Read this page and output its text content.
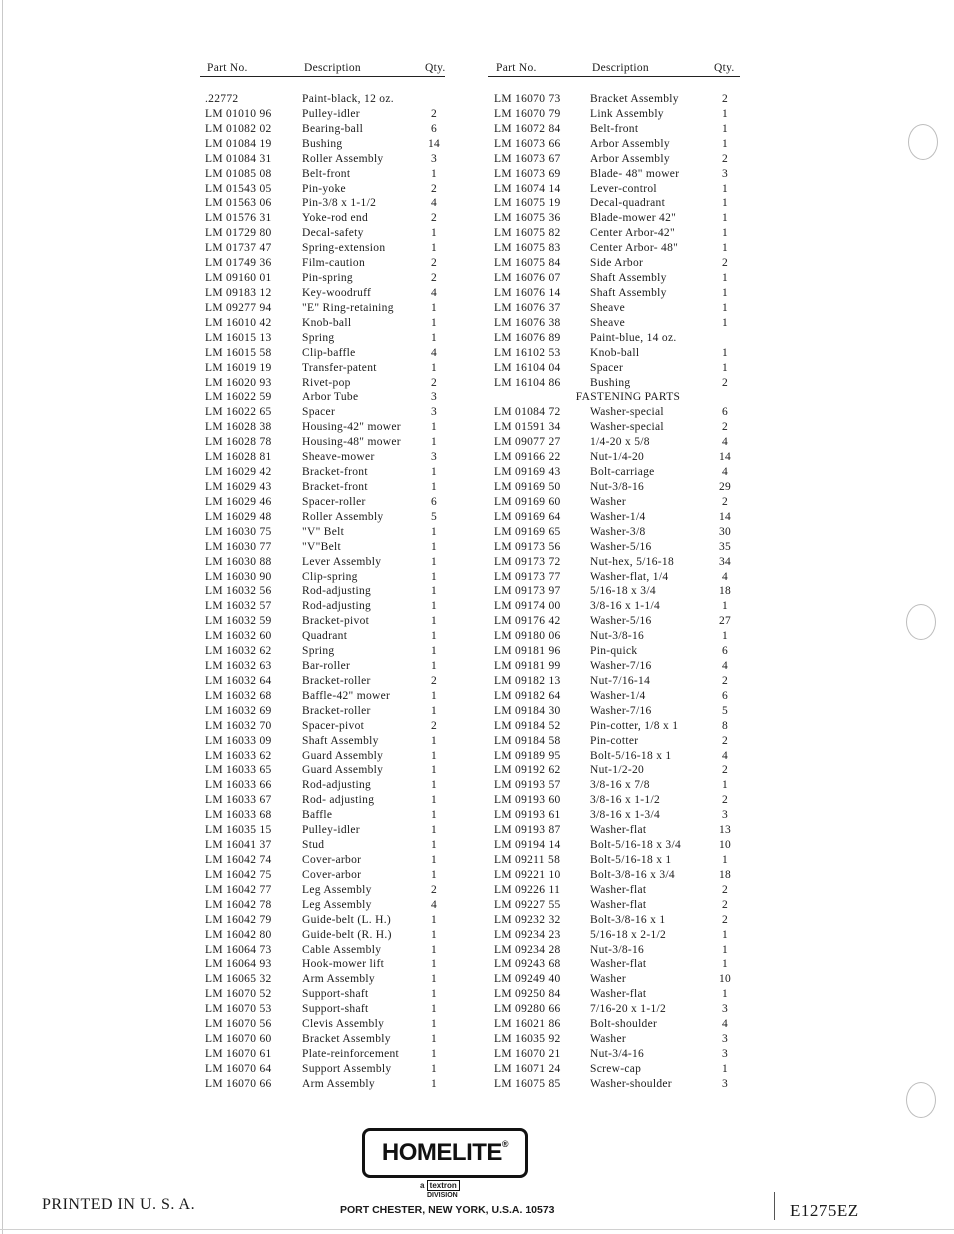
Part No.	Description	Qty.
.22772	Paint-black, 12 oz.
LM 01010 96	Pulley-idler	2
LM 01082 02	Bearing-ball	6
LM 01084 19	Bushing	14
LM 01084 31	Roller Assembly	3
LM 01085 08	Belt-front	1
LM 01543 05	Pin-yoke	2
LM 01563 06	Pin-3/8 x 1-1/2	4
LM 01576 31	Yoke-rod end	2
LM 01729 80	Decal-safety	1
LM 01737 47	Spring-extension	1
LM 01749 36	Film-caution	2
LM 09160 01	Pin-spring	2
LM 09183 12	Key-woodruff	4
LM 09277 94	"E" Ring-retaining	1
LM 16010 42	Knob-ball	1
LM 16015 13	Spring	1
LM 16015 58	Clip-baffle	4
LM 16019 19	Transfer-patent	1
LM 16020 93	Rivet-pop	2
LM 16022 59	Arbor Tube	3
LM 16022 65	Spacer	3
LM 16028 38	Housing-42" mower	1
LM 16028 78	Housing-48" mower	1
LM 16028 81	Sheave-mower	3
LM 16029 42	Bracket-front	1
LM 16029 43	Bracket-front	1
LM 16029 46	Spacer-roller	6
LM 16029 48	Roller Assembly	5
LM 16030 75	"V" Belt	1
LM 16030 77	"V"Belt	1
LM 16030 88	Lever Assembly	1
LM 16030 90	Clip-spring	1
LM 16032 56	Rod-adjusting	1
LM 16032 57	Rod-adjusting	1
LM 16032 59	Bracket-pivot	1
LM 16032 60	Quadrant	1
LM 16032 62	Spring	1
LM 16032 63	Bar-roller	1
LM 16032 64	Bracket-roller	2
LM 16032 68	Baffle-42" mower	1
LM 16032 69	Bracket-roller	1
LM 16032 70	Spacer-pivot	2
LM 16033 09	Shaft Assembly	1
LM 16033 62	Guard Assembly	1
LM 16033 65	Guard Assembly	1
LM 16033 66	Rod-adjusting	1
LM 16033 67	Rod- adjusting	1
LM 16033 68	Baffle	1
LM 16035 15	Pulley-idler	1
LM 16041 37	Stud	1
LM 16042 74	Cover-arbor	1
LM 16042 75	Cover-arbor	1
LM 16042 77	Leg Assembly	2
LM 16042 78	Leg Assembly	4
LM 16042 79	Guide-belt (L. H.)	1
LM 16042 80	Guide-belt (R. H.)	1
LM 16064 73	Cable Assembly	1
LM 16064 93	Hook-mower lift	1
LM 16065 32	Arm Assembly	1
LM 16070 52	Support-shaft	1
LM 16070 53	Support-shaft	1
LM 16070 56	Clevis Assembly	1
LM 16070 60	Bracket Assembly	1
LM 16070 61	Plate-reinforcement	1
LM 16070 64	Support Assembly	1
LM 16070 66	Arm Assembly	1
Part No.	Description	Qty.
LM 16070 73	Bracket Assembly	2
LM 16070 79	Link Assembly	1
LM 16072 84	Belt-front	1
LM 16073 66	Arbor Assembly	1
LM 16073 67	Arbor Assembly	2
LM 16073 69	Blade- 48" mower	3
LM 16074 14	Lever-control	1
LM 16075 19	Decal-quadrant	1
LM 16075 36	Blade-mower 42"	1
LM 16075 82	Center Arbor-42"	1
LM 16075 83	Center Arbor- 48"	1
LM 16075 84	Side Arbor	2
LM 16076 07	Shaft Assembly	1
LM 16076 14	Shaft Assembly	1
LM 16076 37	Sheave	1
LM 16076 38	Sheave	1
LM 16076 89	Paint-blue, 14 oz.
LM 16102 53	Knob-ball	1
LM 16104 04	Spacer	1
LM 16104 86	Bushing	2
FASTENING PARTS
LM 01084 72	Washer-special	6
LM 01591 34	Washer-special	2
LM 09077 27	1/4-20 x 5/8	4
LM 09166 22	Nut-1/4-20	14
LM 09169 43	Bolt-carriage	4
LM 09169 50	Nut-3/8-16	29
LM 09169 60	Washer	2
LM 09169 64	Washer-1/4	14
LM 09169 65	Washer-3/8	30
LM 09173 56	Washer-5/16	35
LM 09173 72	Nut-hex, 5/16-18	34
LM 09173 77	Washer-flat, 1/4	4
LM 09173 97	5/16-18 x 3/4	18
LM 09174 00	3/8-16 x 1-1/4	1
LM 09176 42	Washer-5/16	27
LM 09180 06	Nut-3/8-16	1
LM 09181 96	Pin-quick	6
LM 09181 99	Washer-7/16	4
LM 09182 13	Nut-7/16-14	2
LM 09182 64	Washer-1/4	6
LM 09184 30	Washer-7/16	5
LM 09184 52	Pin-cotter, 1/8 x 1	8
LM 09184 58	Pin-cotter	2
LM 09189 95	Bolt-5/16-18 x 1	4
LM 09192 62	Nut-1/2-20	2
LM 09193 57	3/8-16 x 7/8	1
LM 09193 60	3/8-16 x 1-1/2	2
LM 09193 61	3/8-16 x 1-3/4	3
LM 09193 87	Washer-flat	13
LM 09194 14	Bolt-5/16-18 x 3/4	10
LM 09211 58	Bolt-5/16-18 x 1	1
LM 09221 10	Bolt-3/8-16 x 3/4	18
LM 09226 11	Washer-flat	2
LM 09227 55	Washer-flat	2
LM 09232 32	Bolt-3/8-16 x 1	2
LM 09234 23	5/16-18 x 2-1/2	1
LM 09234 28	Nut-3/8-16	1
LM 09243 68	Washer-flat	1
LM 09249 40	Washer	10
LM 09250 84	Washer-flat	1
LM 09280 66	7/16-20 x 1-1/2	3
LM 16021 86	Bolt-shoulder	4
LM 16035 92	Washer	3
LM 16070 21	Nut-3/4-16	3
LM 16071 24	Screw-cap	1
LM 16075 85	Washer-shoulder	3
HOMELITE®
a textron
DIVISION
PORT CHESTER, NEW YORK, U.S.A. 10573
PRINTED IN U. S. A.	E1275EZ
